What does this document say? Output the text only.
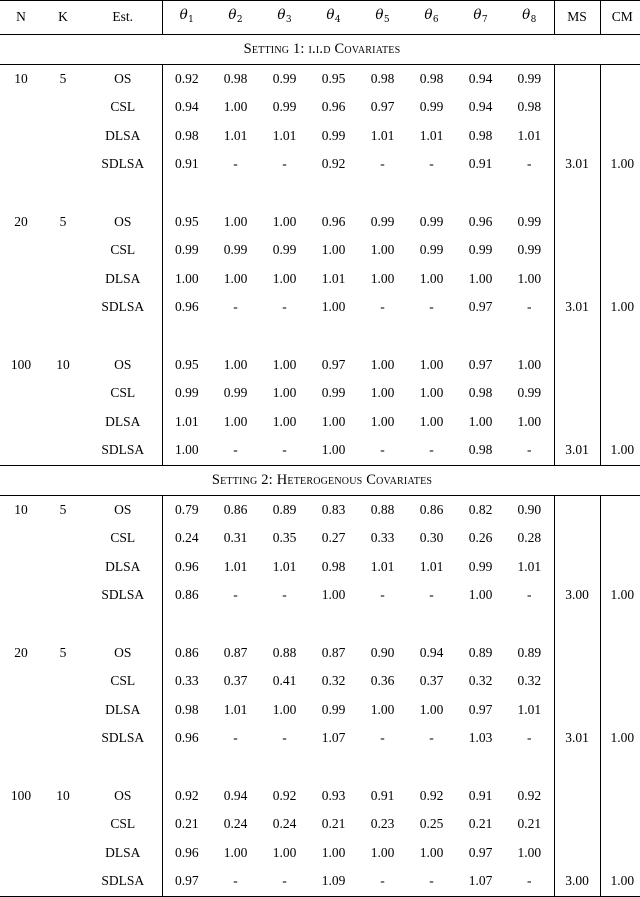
N	K	Est.	$\theta_1$	$\theta_2$	$\theta_3$	$\theta_4$	$\theta_5$	$\theta_6$	$\theta_7$	$\theta_8$	MS	CM
Setting 1: i.i.d Covariates												
10	5	OS	0.92	0.98	0.99	0.95	0.98	0.98	0.94	0.99		
		CSL	0.94	1.00	0.99	0.96	0.97	0.99	0.94	0.98		
		DLSA	0.98	1.01	1.01	0.99	1.01	1.01	0.98	1.01		
		SDLSA	0.91	-	-	0.92	-	-	0.91	-	3.01	1.00

20	5	OS	0.95	1.00	1.00	0.96	0.99	0.99	0.96	0.99		
		CSL	0.99	0.99	0.99	1.00	1.00	0.99	0.99	0.99		
		DLSA	1.00	1.00	1.00	1.01	1.00	1.00	1.00	1.00		
		SDLSA	0.96	-	-	1.00	-	-	0.97	-	3.01	1.00

100	10	OS	0.95	1.00	1.00	0.97	1.00	1.00	0.97	1.00		
		CSL	0.99	0.99	1.00	0.99	1.00	1.00	0.98	0.99		
		DLSA	1.01	1.00	1.00	1.00	1.00	1.00	1.00	1.00		
		SDLSA	1.00	-	-	1.00	-	-	0.98	-	3.01	1.00
Setting 2: Heterogenous Covariates												
10	5	OS	0.79	0.86	0.89	0.83	0.88	0.86	0.82	0.90		
		CSL	0.24	0.31	0.35	0.27	0.33	0.30	0.26	0.28		
		DLSA	0.96	1.01	1.01	0.98	1.01	1.01	0.99	1.01		
		SDLSA	0.86	-	-	1.00	-	-	1.00	-	3.00	1.00

20	5	OS	0.86	0.87	0.88	0.87	0.90	0.94	0.89	0.89		
		CSL	0.33	0.37	0.41	0.32	0.36	0.37	0.32	0.32		
		DLSA	0.98	1.01	1.00	0.99	1.00	1.00	0.97	1.01		
		SDLSA	0.96	-	-	1.07	-	-	1.03	-	3.01	1.00

100	10	OS	0.92	0.94	0.92	0.93	0.91	0.92	0.91	0.92		
		CSL	0.21	0.24	0.24	0.21	0.23	0.25	0.21	0.21		
		DLSA	0.96	1.00	1.00	1.00	1.00	1.00	0.97	1.00		
		SDLSA	0.97	-	-	1.09	-	-	1.07	-	3.00	1.00
